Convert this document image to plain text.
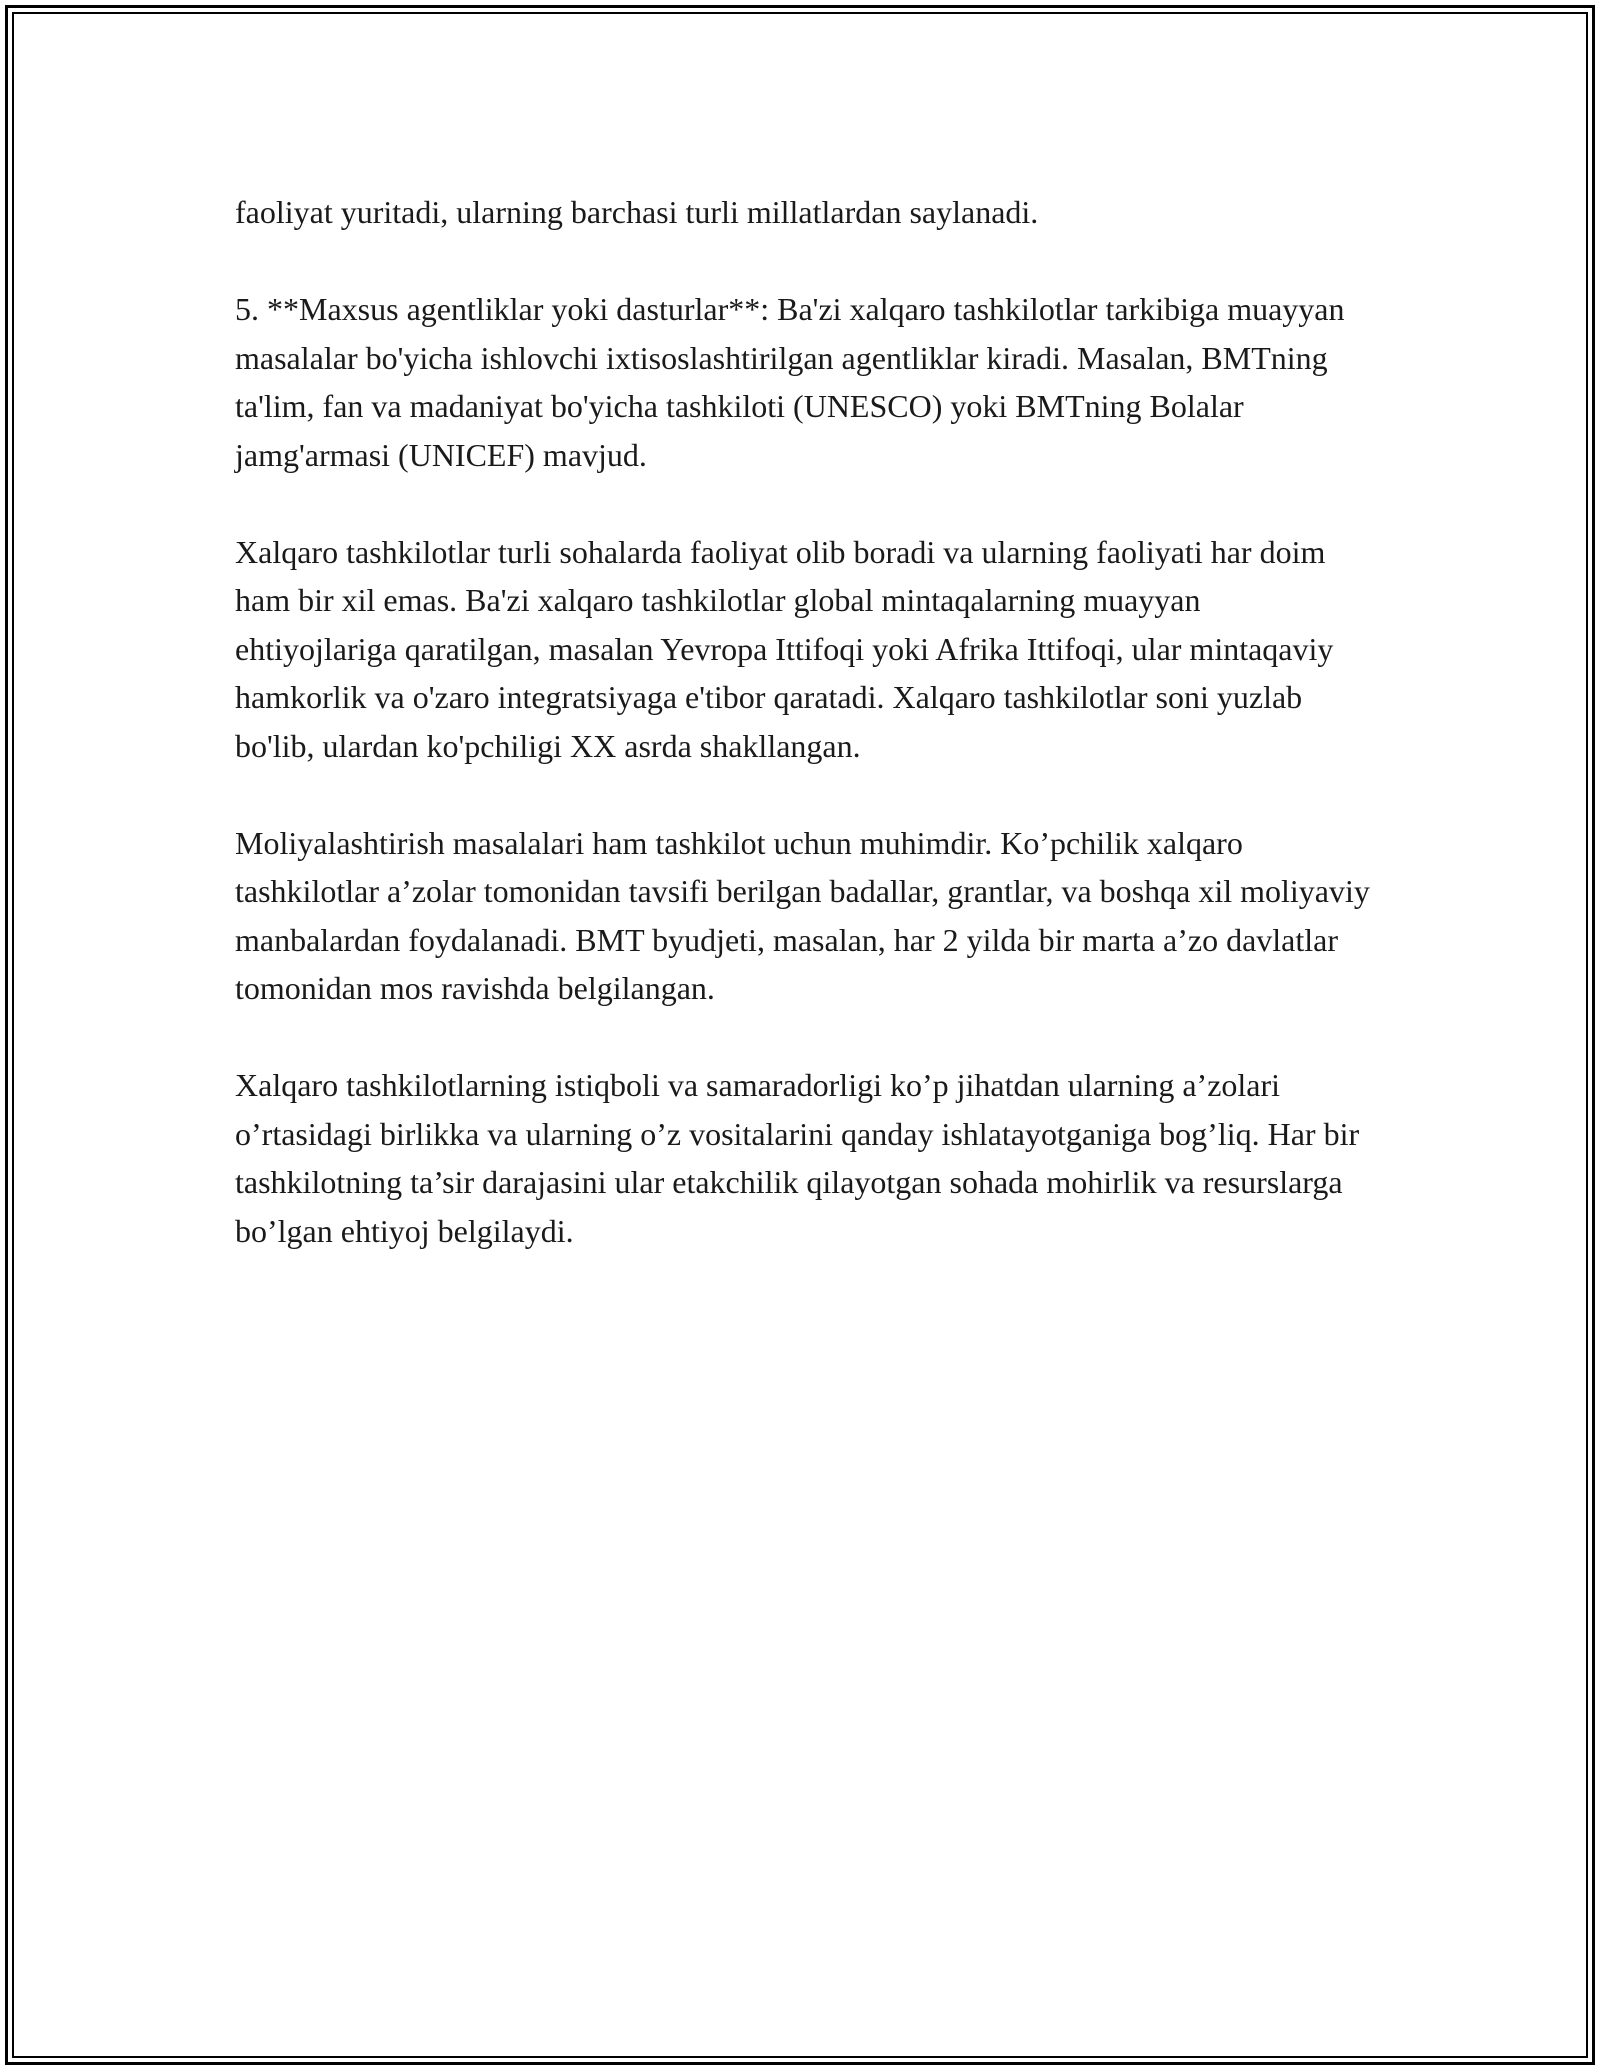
faoliyat yuritadi, ularning barchasi turli millatlardan saylanadi.

5. **Maxsus agentliklar yoki dasturlar**: Ba'zi xalqaro tashkilotlar tarkibiga muayyan masalalar bo'yicha ishlovchi ixtisoslashtirilgan agentliklar kiradi. Masalan, BMTning ta'lim, fan va madaniyat bo'yicha tashkiloti (UNESCO) yoki BMTning Bolalar jamg'armasi (UNICEF) mavjud.

Xalqaro tashkilotlar turli sohalarda faoliyat olib boradi va ularning faoliyati har doim ham bir xil emas. Ba'zi xalqaro tashkilotlar global mintaqalarning muayyan ehtiyojlariga qaratilgan, masalan Yevropa Ittifoqi yoki Afrika Ittifoqi, ular mintaqaviy hamkorlik va o'zaro integratsiyaga e'tibor qaratadi. Xalqaro tashkilotlar soni yuzlab bo'lib, ulardan ko'pchiligi XX asrda shakllangan.

Moliyalashtirish masalalari ham tashkilot uchun muhimdir. Ko’pchilik xalqaro tashkilotlar a’zolar tomonidan tavsifi berilgan badallar, grantlar, va boshqa xil moliyaviy manbalardan foydalanadi. BMT byudjeti, masalan, har 2 yilda bir marta a’zo davlatlar tomonidan mos ravishda belgilangan.

Xalqaro tashkilotlarning istiqboli va samaradorligi ko’p jihatdan ularning a’zolari o’rtasidagi birlikka va ularning o’z vositalarini qanday ishlatayotganiga bog’liq. Har bir tashkilotning ta’sir darajasini ular etakchilik qilayotgan sohada mohirlik va resurslarga bo’lgan ehtiyoj belgilaydi.
